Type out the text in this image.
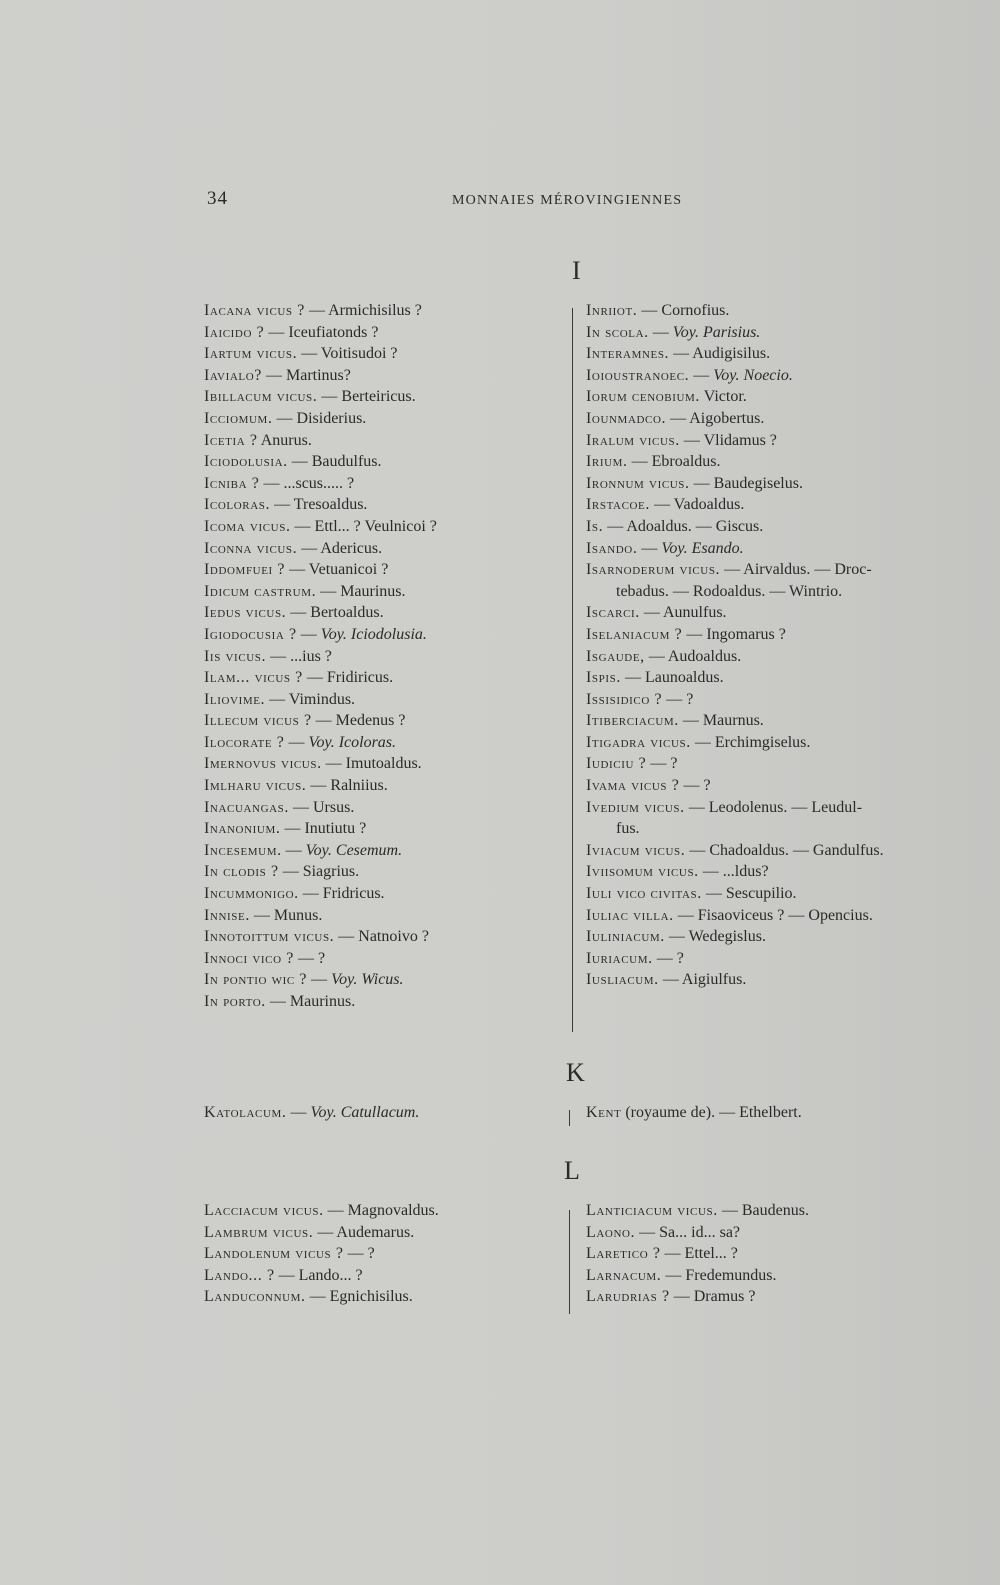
34	MONNAIES MÉROVINGIENNES
I
Iacana vicus ? — Armichisilus ?
Iaicido ? — Iceufiatonds ?
Iartum vicus. — Voitisudoi ?
Iavialo? — Martinus?
Ibillacum vicus. — Berteiricus.
Icciomum. — Disiderius.
Icetia ? Anurus.
Iciodolusia. — Baudulfus.
Icniba ? — ...scus..... ?
Icoloras. — Tresoaldus.
Icoma vicus. — Ettl... ? Veulnicoi ?
Iconna vicus. — Adericus.
Iddomfuei ? — Vetuanicoi ?
Idicum castrum. — Maurinus.
Iedus vicus. — Bertoaldus.
Igiodocusia ? — Voy. Iciodolusia.
Iis vicus. — ...ius ?
Ilam... vicus ? — Fridiricus.
Iliovime. — Vimindus.
Illecum vicus ? — Medenus ?
Ilocorate ? — Voy. Icoloras.
Imernovus vicus. — Imutoaldus.
Imlharu vicus. — Ralniius.
Inacuangas. — Ursus.
Inanonium. — Inutiutu ?
Incesemum. — Voy. Cesemum.
In clodis ? — Siagrius.
Incummonigo. — Fridricus.
Innise. — Munus.
Innotoittum vicus. — Natnoivo ?
Innoci vico ? — ?
In pontio wic ? — Voy. Wicus.
In porto. — Maurinus.
Inriiot. — Cornofius.
In scola. — Voy. Parisius.
Interamnes. — Audigisilus.
Ioioustranoec. — Voy. Noecio.
Iorum cenobium. Victor.
Iounmadco. — Aigobertus.
Iralum vicus. — Vlidamus ?
Irium. — Ebroaldus.
Ironnum vicus. — Baudegiselus.
Irstacoe. — Vadoaldus.
Is. — Adoaldus. — Giscus.
Isando. — Voy. Esando.
Isarnoderum vicus. — Airvaldus. — Droc-
tebadus. — Rodoaldus. — Wintrio.
Iscarci. — Aunulfus.
Iselaniacum ? — Ingomarus ?
Isgaude, — Audoaldus.
Ispis. — Launoaldus.
Issisidico ? — ?
Itiberciacum. — Maurnus.
Itigadra vicus. — Erchimgiselus.
Iudiciu ? — ?
Ivama vicus ? — ?
Ivedium vicus. — Leodolenus. — Leudul-
fus.
Iviacum vicus. — Chadoaldus. — Gandulfus.
Iviisomum vicus. — ...ldus?
Iuli vico civitas. — Sescupilio.
Iuliac villa. — Fisaoviceus ? — Opencius.
Iuliniacum. — Wedegislus.
Iuriacum. — ?
Iusliacum. — Aigiulfus.
K
Katolacum. — Voy. Catullacum.	Kent (royaume de). — Ethelbert.
L
Lacciacum vicus. — Magnovaldus.
Lambrum vicus. — Audemarus.
Landolenum vicus ? — ?
Lando... ? — Lando... ?
Landuconnum. — Egnichisilus.
Lanticiacum vicus. — Baudenus.
Laono. — Sa... id... sa?
Laretico ? — Ettel... ?
Larnacum. — Fredemundus.
Larudrias ? — Dramus ?
